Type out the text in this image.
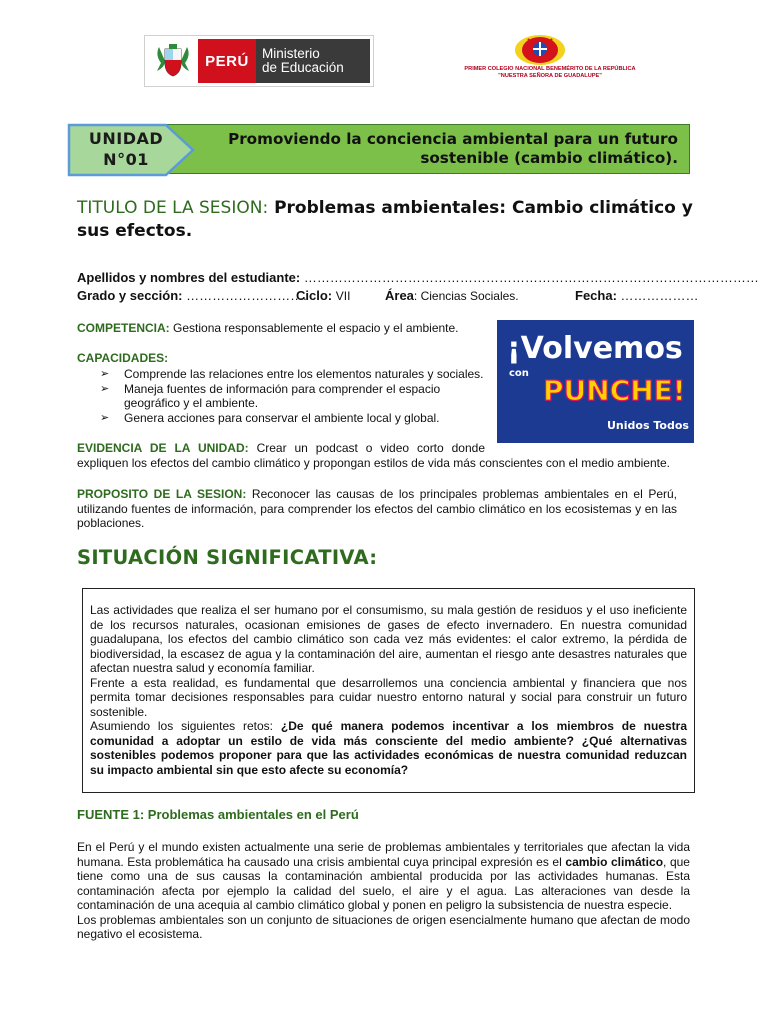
PERÚ Ministerio
de Educación	PRIMER COLEGIO NACIONAL BENEMÉRITO DE LA REPÚBLICA
"NUESTRA SEÑORA DE GUADALUPE"
Promoviendo la conciencia ambiental para un futuro
sostenible (cambio climático).
UNIDAD
N°01
TITULO DE LA SESION: Problemas ambientales: Cambio climático y sus efectos.
Apellidos y nombres del estudiante: ……………………………………………………………………………………………
Grado y sección: ……………………….
Ciclo: VII	Área: Ciencias Sociales.	Fecha: ………………
COMPETENCIA: Gestiona responsablemente el espacio y el ambiente.
CAPACIDADES:
➢ Comprende las relaciones entre los elementos naturales y sociales.
➢ Maneja fuentes de información para comprender el espacio geográfico y el ambiente.
➢ Genera acciones para conservar el ambiente local y global.
¡Volvemos
con
PUNCHE!
Unidos Todos
EVIDENCIA DE LA UNIDAD: Crear un podcast o video corto donde
expliquen los efectos del cambio climático y propongan estilos de vida más conscientes con el medio ambiente.
PROPOSITO DE LA SESION: Reconocer las causas de los principales problemas ambientales en el Perú, utilizando fuentes de información, para comprender los efectos del cambio climático en los ecosistemas y en las poblaciones.
SITUACIÓN SIGNIFICATIVA:
Las actividades que realiza el ser humano por el consumismo, su mala gestión de residuos y el uso ineficiente de los recursos naturales, ocasionan emisiones de gases de efecto invernadero. En nuestra comunidad guadalupana, los efectos del cambio climático son cada vez más evidentes: el calor extremo, la pérdida de biodiversidad, la escasez de agua y la contaminación del aire, aumentan el riesgo ante desastres naturales que afectan nuestra salud y economía familiar.
Frente a esta realidad, es fundamental que desarrollemos una conciencia ambiental y financiera que nos permita tomar decisiones responsables para cuidar nuestro entorno natural y social para construir un futuro sostenible.
Asumiendo los siguientes retos: ¿De qué manera podemos incentivar a los miembros de nuestra comunidad a adoptar un estilo de vida más consciente del medio ambiente? ¿Qué alternativas sostenibles podemos proponer para que las actividades económicas de nuestra comunidad reduzcan su impacto ambiental sin que esto afecte su economía?
FUENTE 1: Problemas ambientales en el Perú
En el Perú y el mundo existen actualmente una serie de problemas ambientales y territoriales que afectan la vida humana. Esta problemática ha causado una crisis ambiental cuya principal expresión es el cambio climático, que tiene como una de sus causas la contaminación ambiental producida por las actividades humanas. Esta contaminación afecta por ejemplo la calidad del suelo, el aire y el agua. Las alteraciones van desde la contaminación de una acequia al cambio climático global y ponen en peligro la subsistencia de nuestra especie.
Los problemas ambientales son un conjunto de situaciones de origen esencialmente humano que afectan de modo negativo el ecosistema.
